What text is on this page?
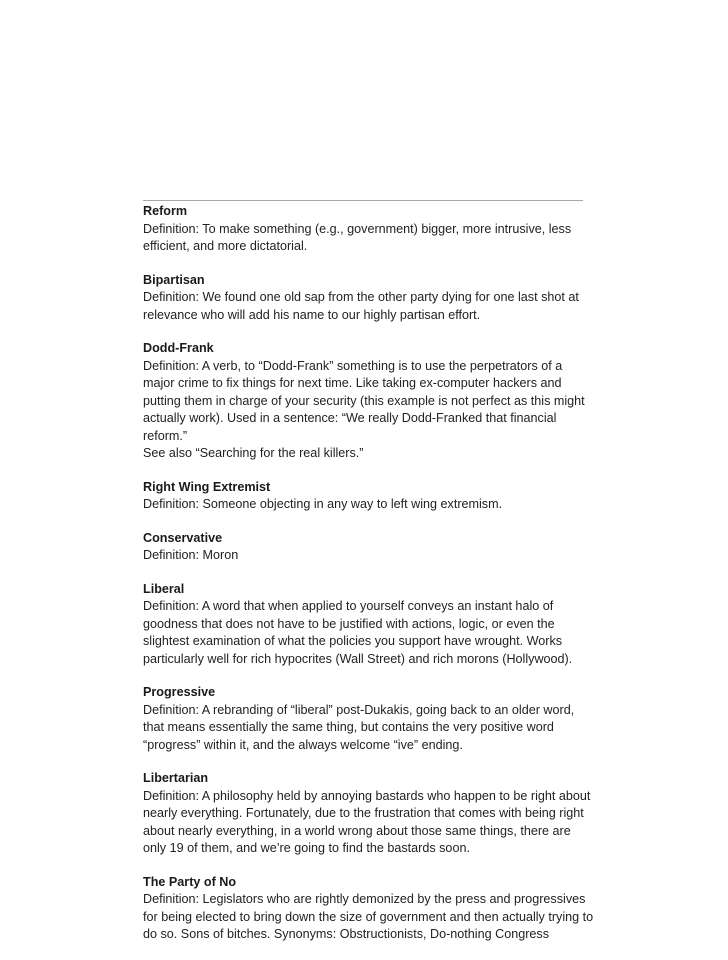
Reform
Definition: To make something (e.g., government) bigger, more intrusive, less
efficient, and more dictatorial.
Bipartisan
Definition: We found one old sap from the other party dying for one last shot at
relevance who will add his name to our highly partisan effort.
Dodd-Frank
Definition: A verb, to “Dodd-Frank” something is to use the perpetrators of a
major crime to fix things for next time. Like taking ex-computer hackers and
putting them in charge of your security (this example is not perfect as this might
actually work). Used in a sentence: “We really Dodd-Franked that financial
reform.”
See also “Searching for the real killers.”
Right Wing Extremist
Definition: Someone objecting in any way to left wing extremism.
Conservative
Definition: Moron
Liberal
Definition: A word that when applied to yourself conveys an instant halo of
goodness that does not have to be justified with actions, logic, or even the
slightest examination of what the policies you support have wrought. Works
particularly well for rich hypocrites (Wall Street) and rich morons (Hollywood).
Progressive
Definition: A rebranding of “liberal” post-Dukakis, going back to an older word,
that means essentially the same thing, but contains the very positive word
“progress” within it, and the always welcome “ive” ending.
Libertarian
Definition: A philosophy held by annoying bastards who happen to be right about
nearly everything. Fortunately, due to the frustration that comes with being right
about nearly everything, in a world wrong about those same things, there are
only 19 of them, and we’re going to find the bastards soon.
The Party of No
Definition: Legislators who are rightly demonized by the press and progressives
for being elected to bring down the size of government and then actually trying to
do so. Sons of bitches. Synonyms: Obstructionists, Do-nothing Congress
